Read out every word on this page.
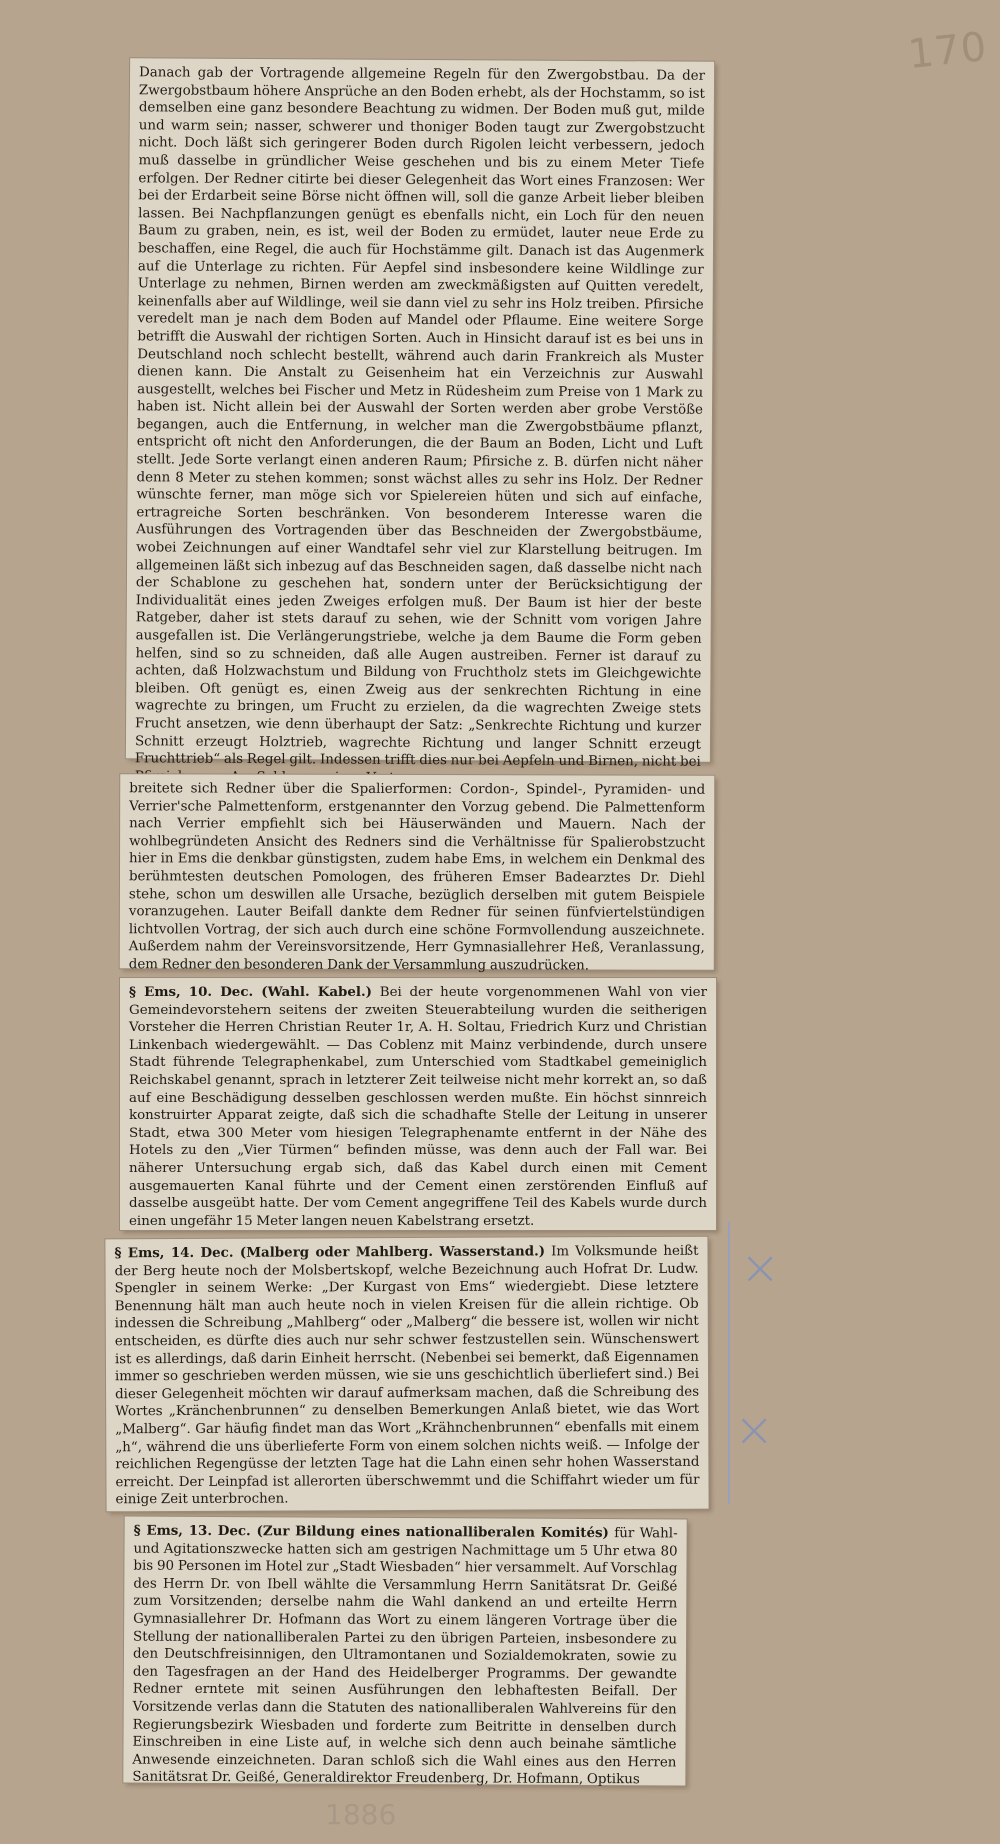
170

Danach gab der Vortragende allgemeine Regeln für den Zwergobstbau. Da der Zwergobstbaum höhere Ansprüche an den Boden erhebt, als der Hochstamm, so ist demselben eine ganz besondere Beachtung zu widmen. Der Boden muß gut, milde und warm sein; nasser, schwerer und thoniger Boden taugt zur Zwergobstzucht nicht. Doch läßt sich geringerer Boden durch Rigolen leicht verbessern, jedoch muß dasselbe in gründlicher Weise geschehen und bis zu einem Meter Tiefe erfolgen. Der Redner citirte bei dieser Gelegenheit das Wort eines Franzosen: Wer bei der Erdarbeit seine Börse nicht öffnen will, soll die ganze Arbeit lieber bleiben lassen. Bei Nachpflanzungen genügt es ebenfalls nicht, ein Loch für den neuen Baum zu graben, nein, es ist, weil der Boden zu ermüdet, lauter neue Erde zu beschaffen, eine Regel, die auch für Hochstämme gilt. Danach ist das Augenmerk auf die Unterlage zu richten. Für Aepfel sind insbesondere keine Wildlinge zur Unterlage zu nehmen, Birnen werden am zweckmäßigsten auf Quitten veredelt, keinenfalls aber auf Wildlinge, weil sie dann viel zu sehr ins Holz treiben. Pfirsiche veredelt man je nach dem Boden auf Mandel oder Pflaume. Eine weitere Sorge betrifft die Auswahl der richtigen Sorten. Auch in Hinsicht darauf ist es bei uns in Deutschland noch schlecht bestellt, während auch darin Frankreich als Muster dienen kann. Die Anstalt zu Geisenheim hat ein Verzeichnis zur Auswahl ausgestellt, welches bei Fischer und Metz in Rüdesheim zum Preise von 1 Mark zu haben ist. Nicht allein bei der Auswahl der Sorten werden aber grobe Verstöße begangen, auch die Entfernung, in welcher man die Zwergobstbäume pflanzt, entspricht oft nicht den Anforderungen, die der Baum an Boden, Licht und Luft stellt. Jede Sorte verlangt einen anderen Raum; Pfirsiche z. B. dürfen nicht näher denn 8 Meter zu stehen kommen; sonst wächst alles zu sehr ins Holz. Der Redner wünschte ferner, man möge sich vor Spielereien hüten und sich auf einfache, ertragreiche Sorten beschränken. Von besonderem Interesse waren die Ausführungen des Vortragenden über das Beschneiden der Zwergobstbäume, wobei Zeichnungen auf einer Wandtafel sehr viel zur Klarstellung beitrugen. Im allgemeinen läßt sich inbezug auf das Beschneiden sagen, daß dasselbe nicht nach der Schablone zu geschehen hat, sondern unter der Berücksichtigung der Individualität eines jeden Zweiges erfolgen muß. Der Baum ist hier der beste Ratgeber, daher ist stets darauf zu sehen, wie der Schnitt vom vorigen Jahre ausgefallen ist. Die Verlängerungstriebe, welche ja dem Baume die Form geben helfen, sind so zu schneiden, daß alle Augen austreiben. Ferner ist darauf zu achten, daß Holzwachstum und Bildung von Fruchtholz stets im Gleichgewichte bleiben. Oft genügt es, einen Zweig aus der senkrechten Richtung in eine wagrechte zu bringen, um Frucht zu erzielen, da die wagrechten Zweige stets Frucht ansetzen, wie denn überhaupt der Satz: „Senkrechte Richtung und kurzer Schnitt erzeugt Holztrieb, wagrechte Richtung und langer Schnitt erzeugt Fruchttrieb“ als Regel gilt. Indessen trifft dies nur bei Aepfeln und Birnen, nicht bei

breitete sich Redner über die Spalierformen: Cordon-, Spindel-, Pyramiden- und Verrier'sche Palmettenform, erstgenannter den Vorzug gebend. Die Palmettenform nach Verrier empfiehlt sich bei Häuserwänden und Mauern. Nach der wohlbegründeten Ansicht des Redners sind die Verhältnisse für Spalierobstzucht hier in Ems die denkbar günstigsten, zudem habe Ems, in welchem ein Denkmal des berühmtesten deutschen Pomologen, des früheren Emser Badearztes Dr. Diehl stehe, schon um deswillen alle Ursache, bezüglich derselben mit gutem Beispiele voranzugehen. Lauter Beifall dankte dem Redner für seinen fünfviertelstündigen lichtvollen Vortrag, der sich auch durch eine schöne Formvollendung auszeichnete. Außerdem nahm der Vereinsvorsitzende, Herr Gymnasiallehrer Heß, Veranlassung, dem Redner den besonderen Dank der Versammlung auszudrücken.

§ Ems, 10. Dec. (Wahl. Kabel.) Bei der heute vorgenommenen Wahl von vier Gemeindevorstehern seitens der zweiten Steuerabteilung wurden die seitherigen Vorsteher die Herren Christian Reuter 1r, A. H. Soltau, Friedrich Kurz und Christian Linkenbach wiedergewählt. — Das Coblenz mit Mainz verbindende, durch unsere Stadt führende Telegraphenkabel, zum Unterschied vom Stadtkabel gemeiniglich Reichskabel genannt, sprach in letzterer Zeit teilweise nicht mehr korrekt an, so daß auf eine Beschädigung desselben geschlossen werden mußte. Ein höchst sinnreich konstruirter Apparat zeigte, daß sich die schadhafte Stelle der Leitung in unserer Stadt, etwa 300 Meter vom hiesigen Telegraphenamte entfernt in der Nähe des Hotels zu den „Vier Türmen“ befinden müsse, was denn auch der Fall war. Bei näherer Untersuchung ergab sich, daß das Kabel durch einen mit Cement ausgemauerten Kanal führte und der Cement einen zerstörenden Einfluß auf dasselbe ausgeübt hatte. Der vom Cement angegriffene Teil des Kabels wurde durch einen ungefähr 15 Meter langen neuen Kabelstrang ersetzt.

§ Ems, 14. Dec. (Malberg oder Mahlberg. Wasserstand.) Im Volksmunde heißt der Berg heute noch der Molsbertskopf, welche Bezeichnung auch Hofrat Dr. Ludw. Spengler in seinem Werke: „Der Kurgast von Ems“ wiedergiebt. Diese letztere Benennung hält man auch heute noch in vielen Kreisen für die allein richtige. Ob indessen die Schreibung „Mahlberg“ oder „Malberg“ die bessere ist, wollen wir nicht entscheiden, es dürfte dies auch nur sehr schwer festzustellen sein. Wünschenswert ist es allerdings, daß darin Einheit herrscht. (Nebenbei sei bemerkt, daß Eigennamen immer so geschrieben werden müssen, wie sie uns geschichtlich überliefert sind.) Bei dieser Gelegenheit möchten wir darauf aufmerksam machen, daß die Schreibung des Wortes „Kränchenbrunnen“ zu denselben Bemerkungen Anlaß bietet, wie das Wort „Malberg“. Gar häufig findet man das Wort „Krähnchenbrunnen“ ebenfalls mit einem „h“, während die uns überlieferte Form von einem solchen nichts weiß. — Infolge der reichlichen Regengüsse der letzten Tage hat die Lahn einen sehr hohen Wasserstand erreicht. Der Leinpfad ist allerorten überschwemmt und die Schiffahrt wieder um für einige Zeit unterbrochen.

§ Ems, 13. Dec. (Zur Bildung eines nationalliberalen Komités) für Wahl- und Agitationszwecke hatten sich am gestrigen Nachmittage um 5 Uhr etwa 80 bis 90 Personen im Hotel zur „Stadt Wiesbaden“ hier versammelt. Auf Vorschlag des Herrn Dr. von Ibell wählte die Versammlung Herrn Sanitätsrat Dr. Geißé zum Vorsitzenden; derselbe nahm die Wahl dankend an und erteilte Herrn Gymnasiallehrer Dr. Hofmann das Wort zu einem längeren Vortrage über die Stellung der nationalliberalen Partei zu den übrigen Parteien, insbesondere zu den Deutschfreisinnigen, den Ultramontanen und Sozialdemokraten, sowie zu den Tagesfragen an der Hand des Heidelberger Programms. Der gewandte Redner erntete mit seinen Ausführungen den lebhaftesten Beifall. Der Vorsitzende verlas dann die Statuten des nationalliberalen Wahlvereins für den Regierungsbezirk Wiesbaden und forderte zum Beitritte in denselben durch Einschreiben in eine Liste auf, in welche sich denn auch beinahe sämtliche Anwesende einzeichneten. Daran schloß sich die Wahl eines aus den Herren Sanitätsrat Dr. Geißé, Generaldirektor Freudenberg, Dr. Hofmann, Optikus

×
×
1886
